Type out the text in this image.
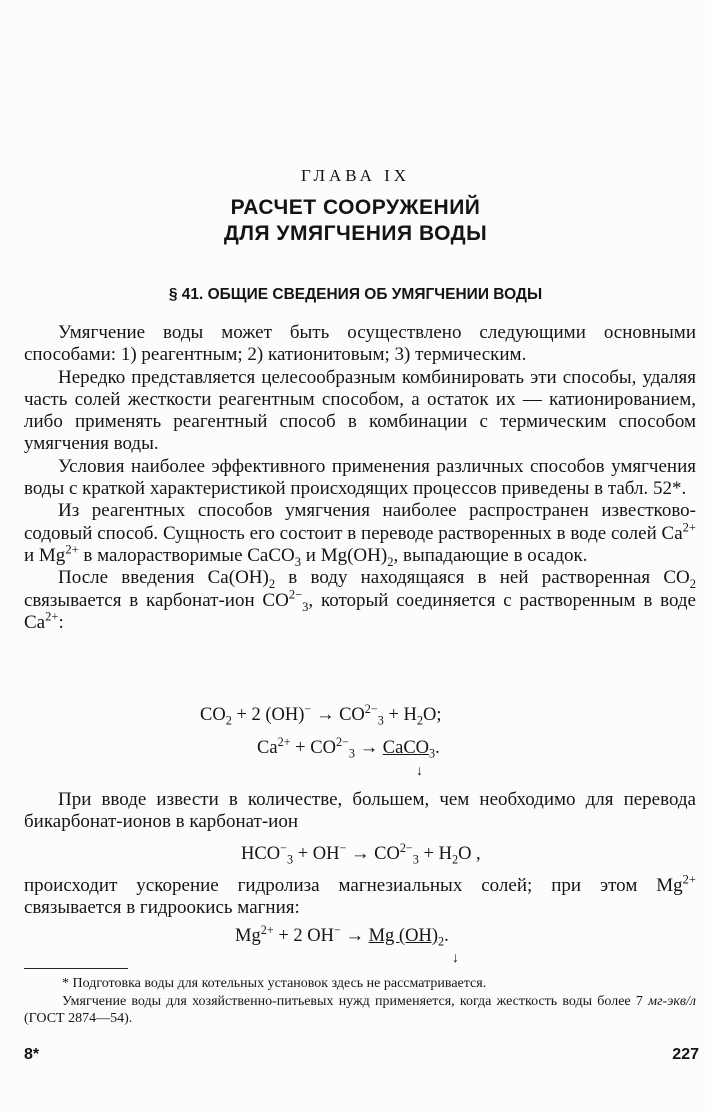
ГЛАВА IX
РАСЧЕТ СООРУЖЕНИЙ
ДЛЯ УМЯГЧЕНИЯ ВОДЫ
§ 41. ОБЩИЕ СВЕДЕНИЯ ОБ УМЯГЧЕНИИ ВОДЫ

Умягчение воды может быть осуществлено следующими основными способами: 1) реагентным; 2) катионитовым; 3) термическим.

Нередко представляется целесообразным комбинировать эти способы, удаляя часть солей жесткости реагентным способом, а остаток их — катионированием, либо применять реагентный способ в комбинации с термическим способом умягчения воды.

Условия наиболее эффективного применения различных способов умягчения воды с краткой характеристикой происходящих процессов приведены в табл. 52*.

Из реагентных способов умягчения наиболее распространен известково-содовый способ. Сущность его состоит в переводе растворенных в воде солей $Ca^{2+}$ и $Mg^{2+}$ в малорастворимые CaCO$_3$ и $Mg(OH)_2$, выпадающие в осадок.

После введения $Ca(OH)_2$ в воду находящаяся в ней растворенная $CO_2$ связывается в карбонат-ион $CO^{2-}_3$, который соединяется с растворенным в воде $Ca^{2+}$:

$CO_2 + 2$ $(OH)^- \to CO^{2-}_3 + H_2O$;
$Ca^{2+} + CO^{2-}_3$ → CaCO$_3$.
↓

При вводе извести в количестве, большем, чем необходимо для перевода бикарбонат-ионов в карбонат-ион

$HCO^-_3 + OH^- \to CO^{2-}_3 + H_2O$ ,

происходит ускорение гидролиза магнезиальных солей; при этом $Mg^{2+}$ связывается в гидроокись магния:

$Mg^{2+} + 2$ OH− → Mg $(OH)_2$.
↓

* Подготовка воды для котельных установок здесь не рассматривается.

Умягчение воды для хозяйственно-питьевых нужд применяется, когда жесткость воды более 7 мг-экв/л (ГОСТ 2874—54).

8*	227
